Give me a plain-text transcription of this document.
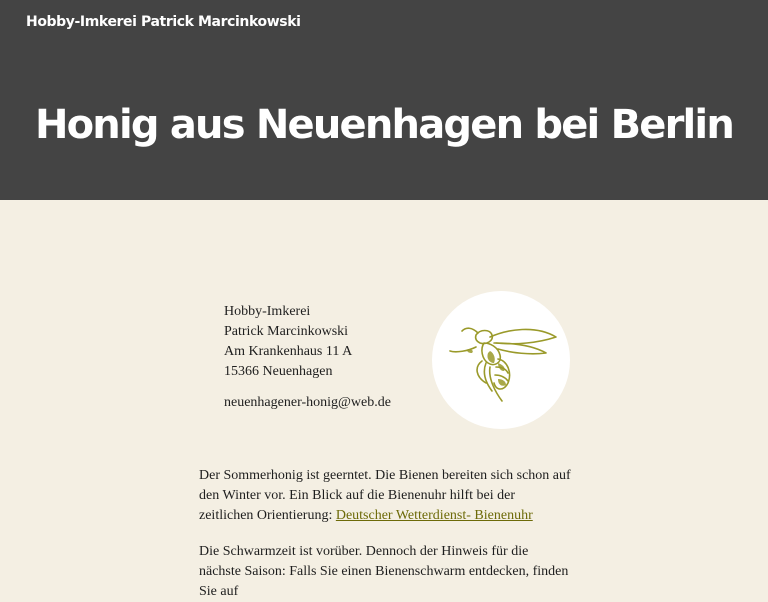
Hobby-Imkerei Patrick Marcinkowski
Honig aus Neuenhagen bei Berlin

Hobby-Imkerei

Patrick Marcinkowski

Am Krankenhaus 11 A

15366 Neuenhagen

neuenhagener-honig@web.de

Der Sommerhonig ist geerntet. Die Bienen bereiten sich schon auf den Winter vor. Ein Blick auf die Bienenuhr hilft bei der zeitlichen Orientierung: Deutscher Wetterdienst- Bienenuhr

Die Schwarmzeit ist vorüber. Dennoch der Hinweis für die nächste Saison: Falls Sie einen Bienenschwarm entdecken, finden Sie auf
